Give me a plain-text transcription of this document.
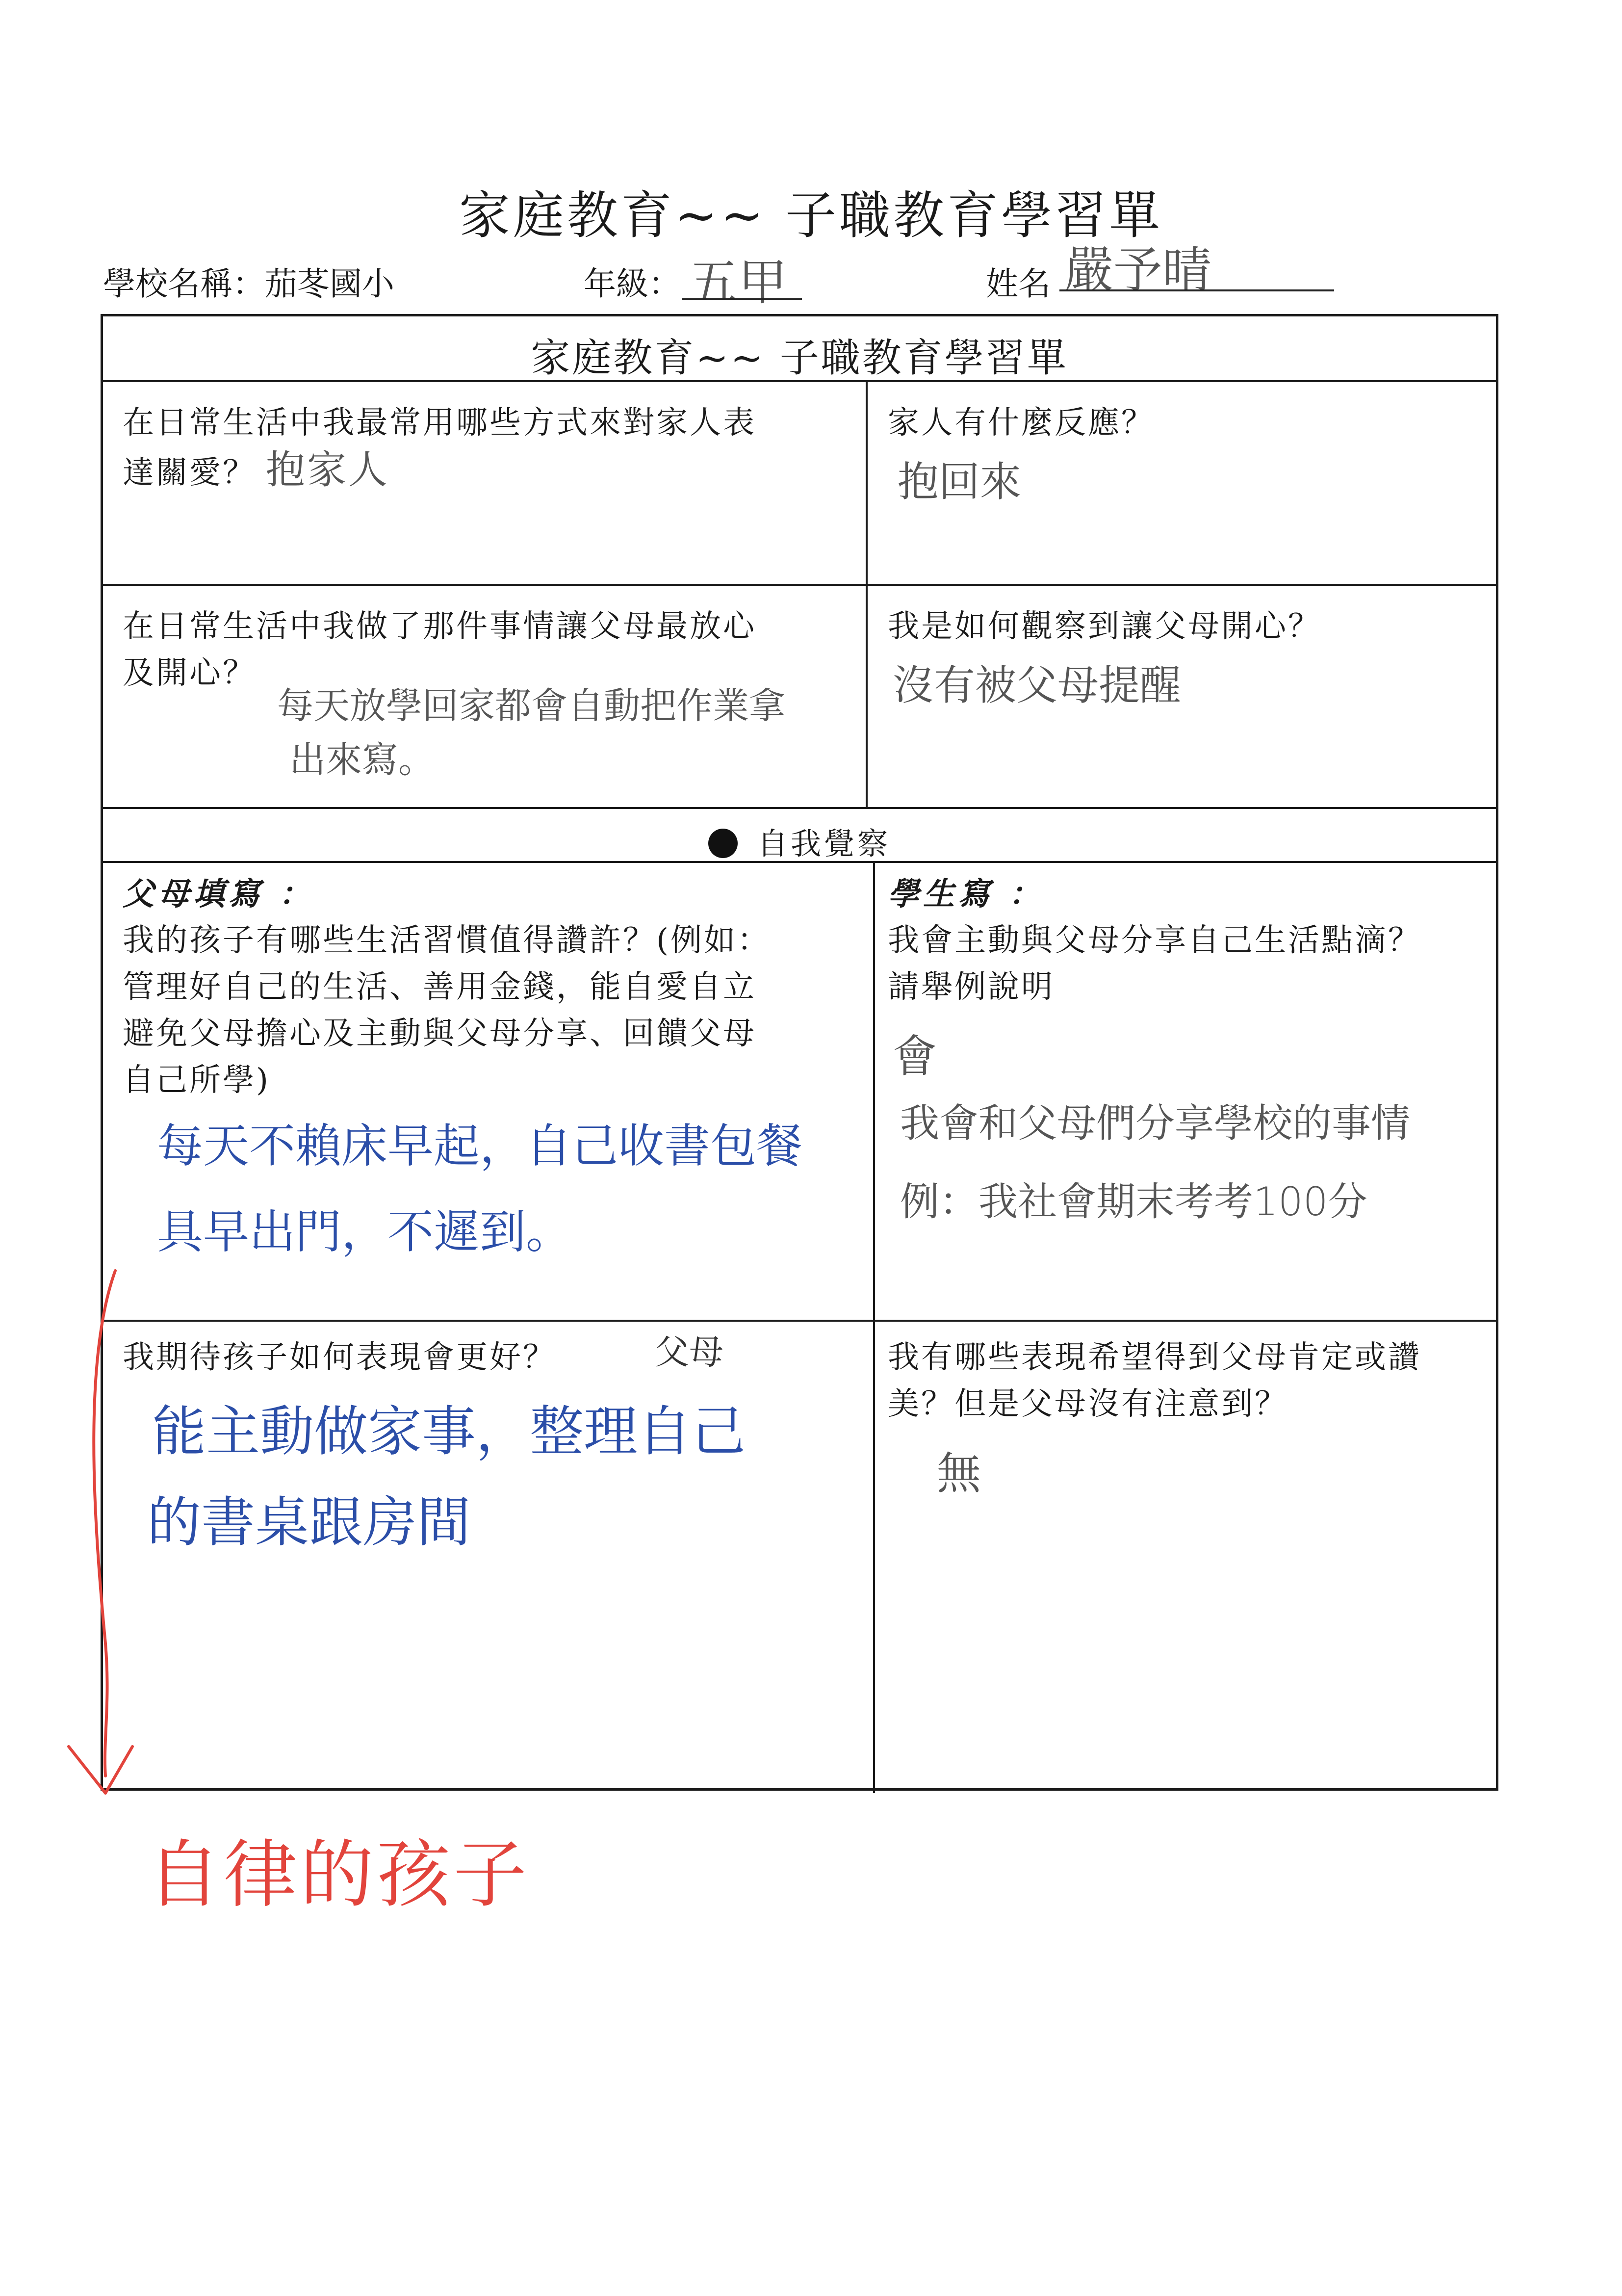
家庭教育~~ 子職教育學習單
學校名稱：茄苳國小	年級： 五甲	姓名 嚴予晴
家庭教育~~ 子職教育學習單
在日常生活中我最常用哪些方式來對家人表
達關愛？ 抱家人
家人有什麼反應？
抱回來
在日常生活中我做了那件事情讓父母最放心
及開心？
每天放學回家都會自動把作業拿
出來寫。
我是如何觀察到讓父母開心？
沒有被父母提醒
自我覺察
父母填寫 ：
我的孩子有哪些生活習慣值得讚許？(例如：
管理好自己的生活、善用金錢，能自愛自立
避免父母擔心及主動與父母分享、回饋父母
自己所學)
每天不賴床早起，自己收書包餐
具早出門，不遲到。
學生寫 ：
我會主動與父母分享自己生活點滴？
請舉例說明
會
我會和父母們分享學校的事情
例：我社會期末考考100分
我期待孩子如何表現會更好？	父母
能主動做家事，整理自己
的書桌跟房間
我有哪些表現希望得到父母肯定或讚
美？但是父母沒有注意到？
無
自律的孩子
